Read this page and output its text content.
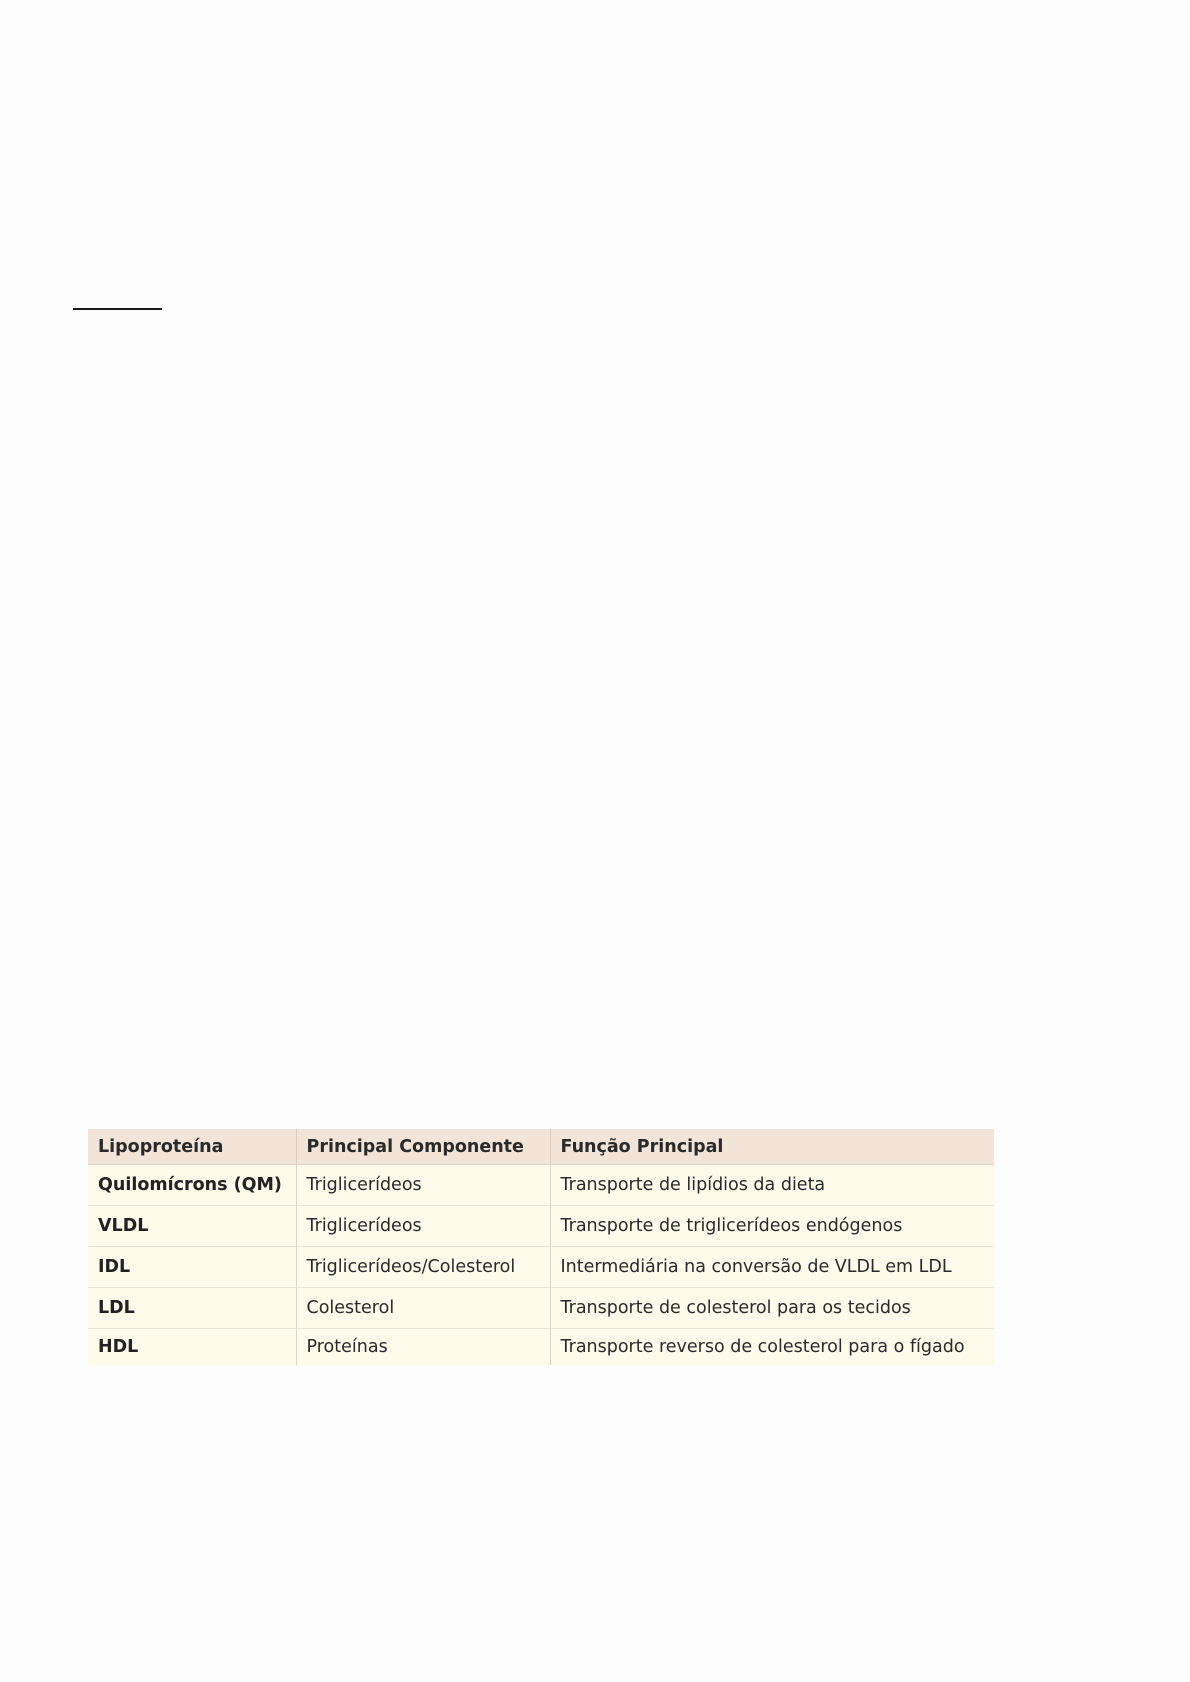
Lipoproteína	Principal Componente	Função Principal
Quilomícrons (QM)	Triglicerídeos	Transporte de lipídios da dieta
VLDL	Triglicerídeos	Transporte de triglicerídeos endógenos
IDL	Triglicerídeos/Colesterol	Intermediária na conversão de VLDL em LDL
LDL	Colesterol	Transporte de colesterol para os tecidos
HDL	Proteínas	Transporte reverso de colesterol para o fígado
